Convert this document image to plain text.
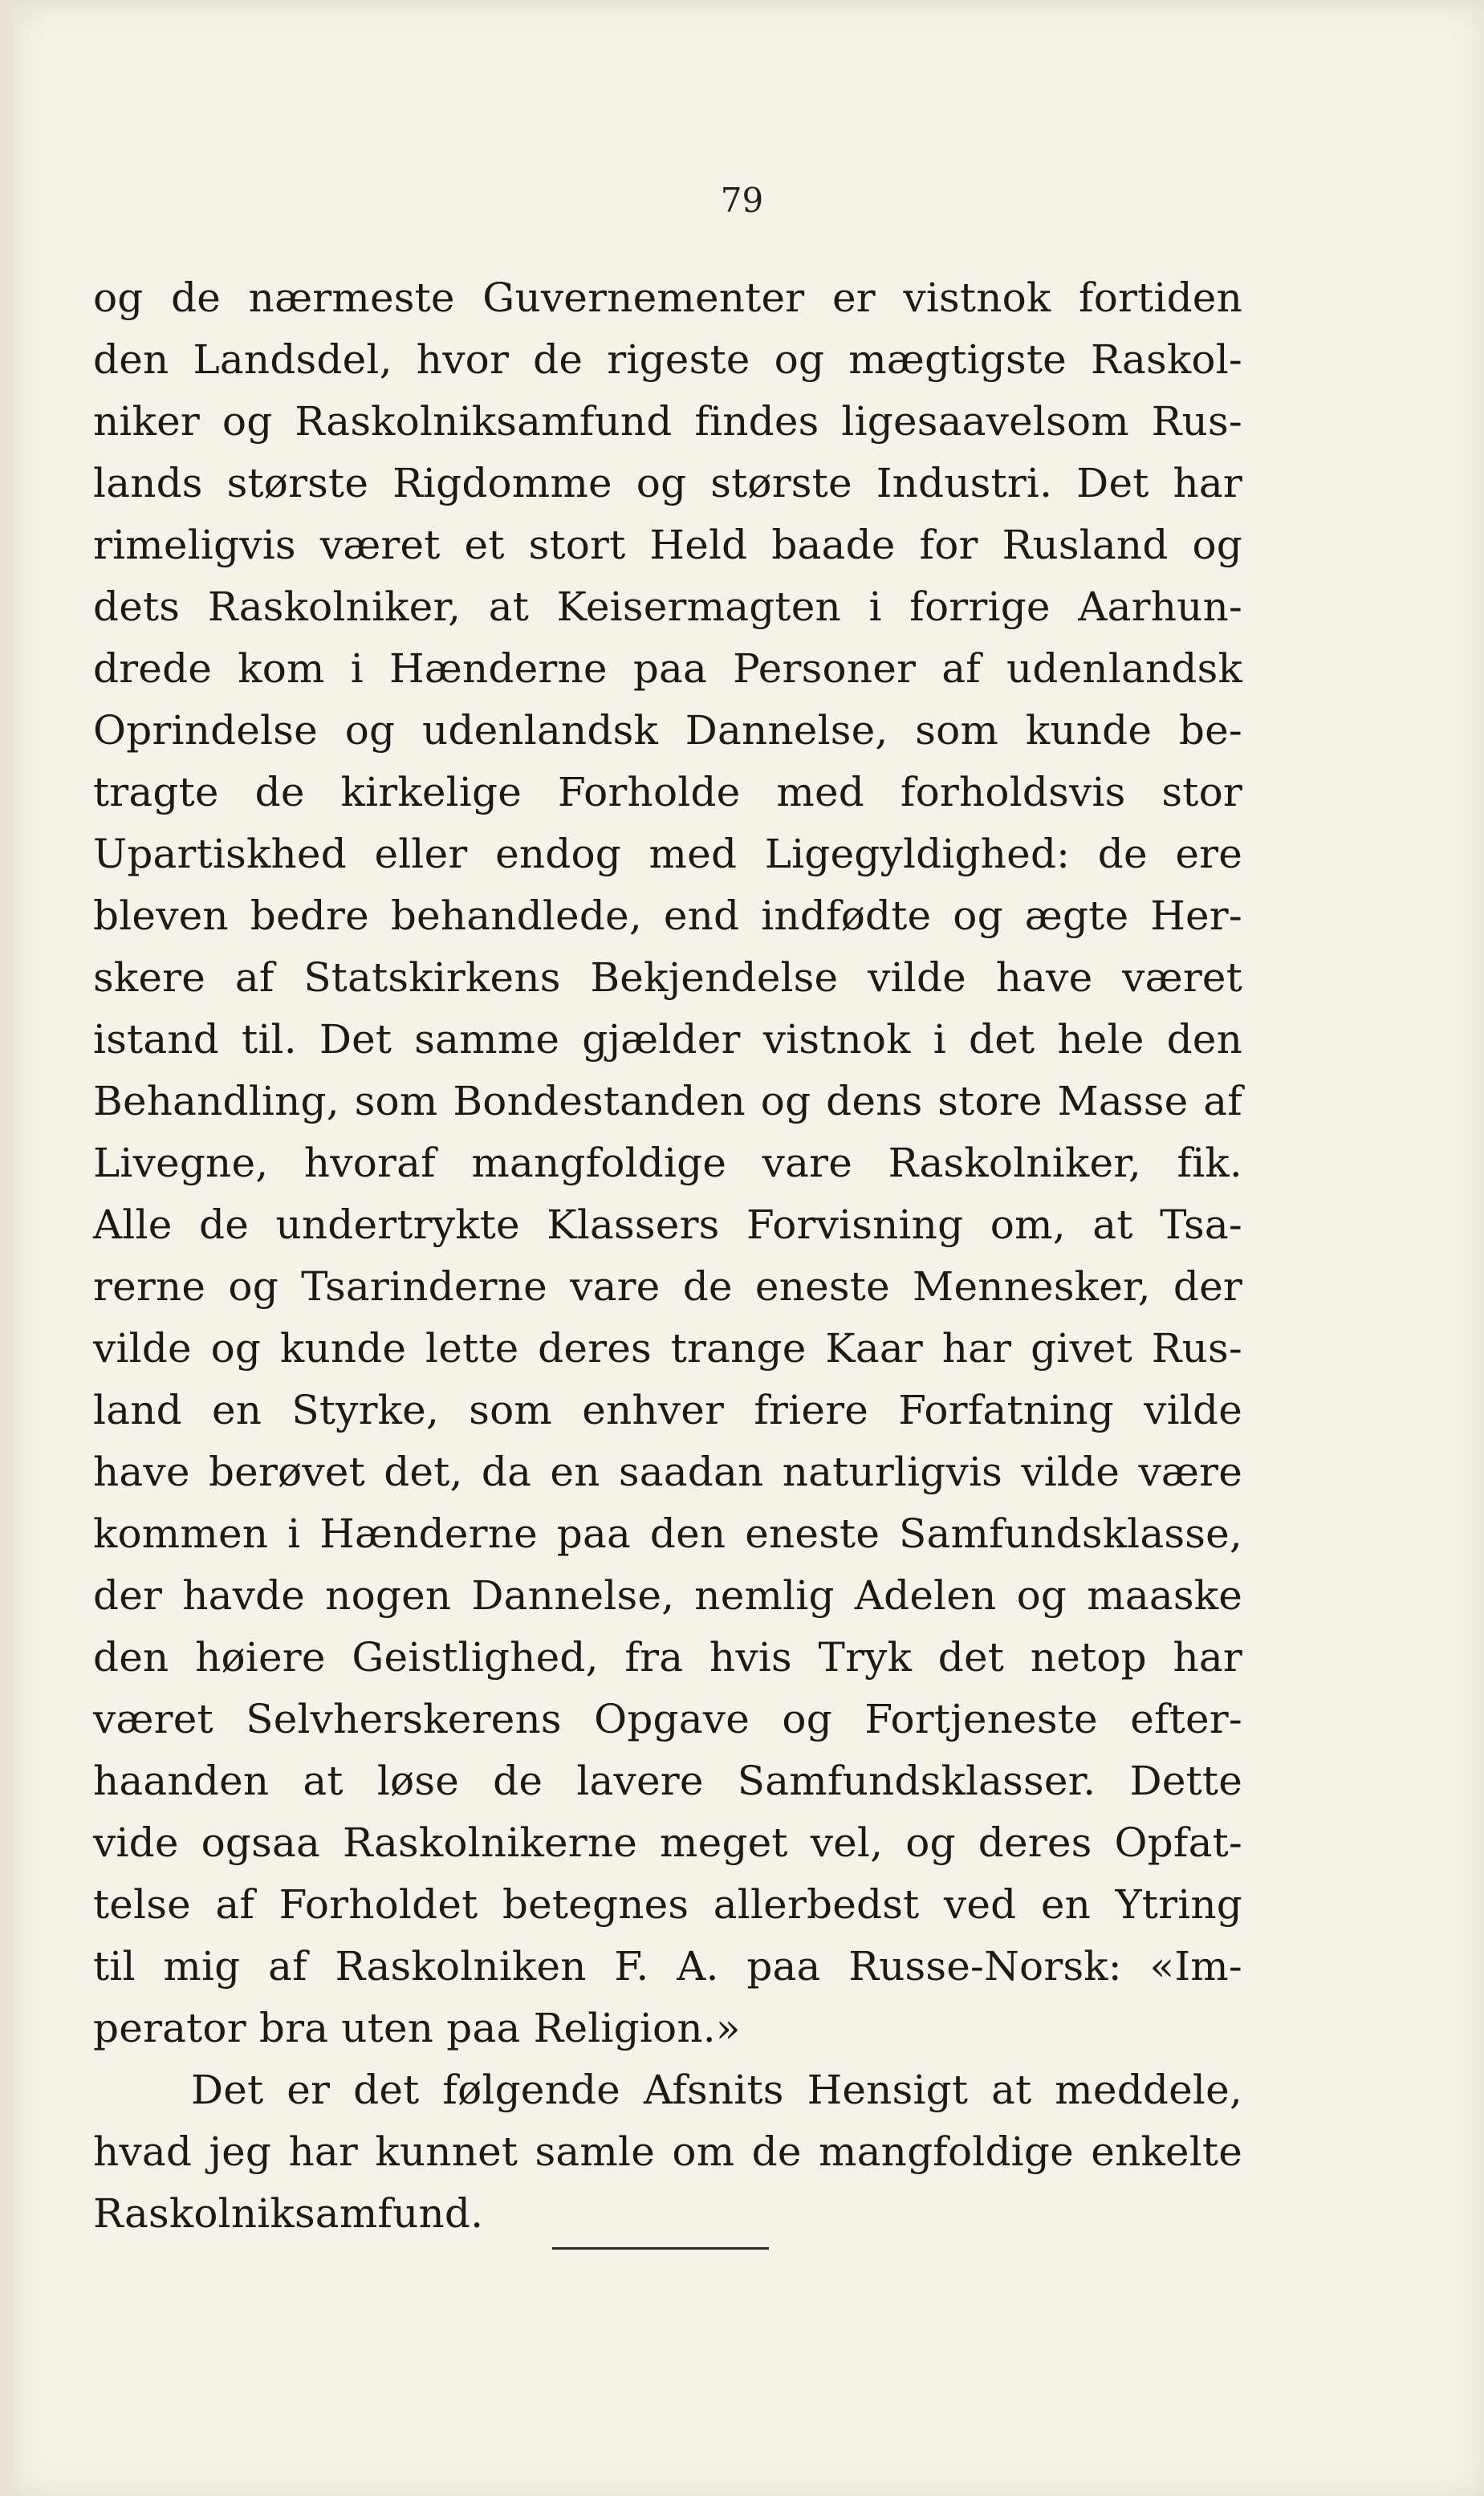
79
og de nærmeste Guvernementer er vistnok fortiden
den Landsdel, hvor de rigeste og mægtigste Raskol-
niker og Raskolniksamfund findes ligesaavelsom Rus-
lands største Rigdomme og største Industri. Det har
rimeligvis været et stort Held baade for Rusland og
dets Raskolniker, at Keisermagten i forrige Aarhun-
drede kom i Hænderne paa Personer af udenlandsk
Oprindelse og udenlandsk Dannelse, som kunde be-
tragte de kirkelige Forholde med forholdsvis stor
Upartiskhed eller endog med Ligegyldighed: de ere
bleven bedre behandlede, end indfødte og ægte Her-
skere af Statskirkens Bekjendelse vilde have været
istand til. Det samme gjælder vistnok i det hele den
Behandling, som Bondestanden og dens store Masse af
Livegne, hvoraf mangfoldige vare Raskolniker, fik.
Alle de undertrykte Klassers Forvisning om, at Tsa-
rerne og Tsarinderne vare de eneste Mennesker, der
vilde og kunde lette deres trange Kaar har givet Rus-
land en Styrke, som enhver friere Forfatning vilde
have berøvet det, da en saadan naturligvis vilde være
kommen i Hænderne paa den eneste Samfundsklasse,
der havde nogen Dannelse, nemlig Adelen og maaske
den høiere Geistlighed, fra hvis Tryk det netop har
været Selvherskerens Opgave og Fortjeneste efter-
haanden at løse de lavere Samfundsklasser. Dette
vide ogsaa Raskolnikerne meget vel, og deres Opfat-
telse af Forholdet betegnes allerbedst ved en Ytring
til mig af Raskolniken F. A. paa Russe-Norsk: «Im-
perator bra uten paa Religion.»
Det er det følgende Afsnits Hensigt at meddele,
hvad jeg har kunnet samle om de mangfoldige enkelte
Raskolniksamfund.
